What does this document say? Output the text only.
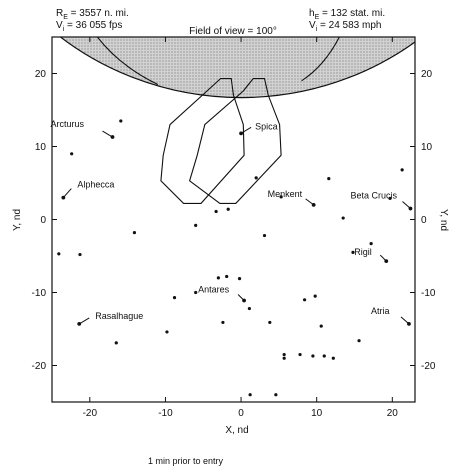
$R_E = 3557$ n. mi.
$V_i = 36$ 055 fps
$h_E = 132$ stat. mi.
$V_i = 24$ 583 mph
Field of view = 100°
-20	-10	0	10	20
20	20
10	10
0	0
-10	-10
-20	-20
X, nd
Y, nd	Y, nd
Arcturus
Alphecca
Spica
Menkent	Beta Crucis
Rigil
Antares
Rasalhague	Atria
1 min prior to entry
